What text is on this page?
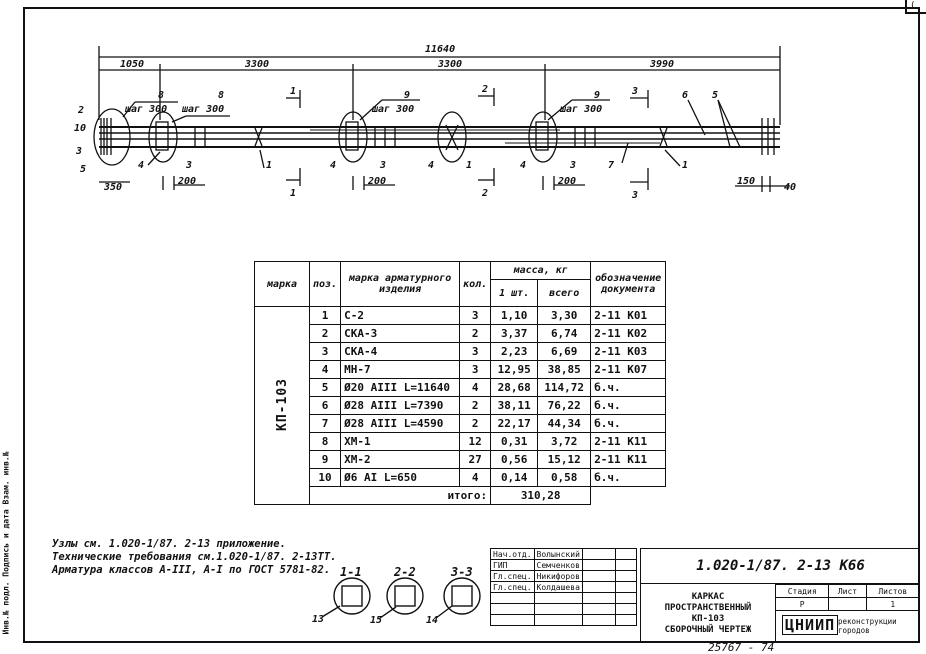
(
Инв.№ подл. Подпись и дата Взам. инв.№
11640
1050	3300	3300	3990
шаг 300 шаг 300	шаг 300	шаг 300
2
8	8	9	9
10
3
5	4	3	1	4	3	4	1	4	3	7	1
6 5
1
1
2
2
3
3
350
200	200	200	150
40
1-1	2-2	3-3
13	15	14
марка	поз.	марка арматурного изделия	кол.	масса, кг		обозначение документа
				1 шт.	всего	
КП-103	1	С-2	3	1,10	3,30	2-11 К01
	2	СКА-3	2	3,37	6,74	2-11 К02
	3	СКА-4	3	2,23	6,69	2-11 К03
	4	МН-7	3	12,95	38,85	2-11 К07
	5	Ø20 АIII L=11640	4	28,68	114,72	б.ч.
	6	Ø28 АIII L=7390	2	38,11	76,22	б.ч.
	7	Ø28 АIII L=4590	2	22,17	44,34	б.ч.
	8	ХМ-1	12	0,31	3,72	2-11 К11
	9	ХМ-2	27	0,56	15,12	2-11 К11
	10	Ø6 АI L=650	4	0,14	0,58	б.ч.
	итого:			310,28		
Узлы см. 1.020-1/87. 2-13 приложение.
Технические требования см.1.020-1/87. 2-13ТТ.
Арматура классов А-III, А-I по ГОСТ 5781-82.
Нач.отд.	Волынский		
ГИП	Семченков		
Гл.спец.	Никифоров		
Гл.спец.	Колдашева		

1.020-1/87. 2-13 К66
КАРКАС
ПРОСТРАНСТВЕННЫЙ
КП-103
СБОРОЧНЫЙ ЧЕРТЕЖ
Стадия	Лист	Листов
Р		1
ЦНИИП реконструкции
городов
25767 - 74
